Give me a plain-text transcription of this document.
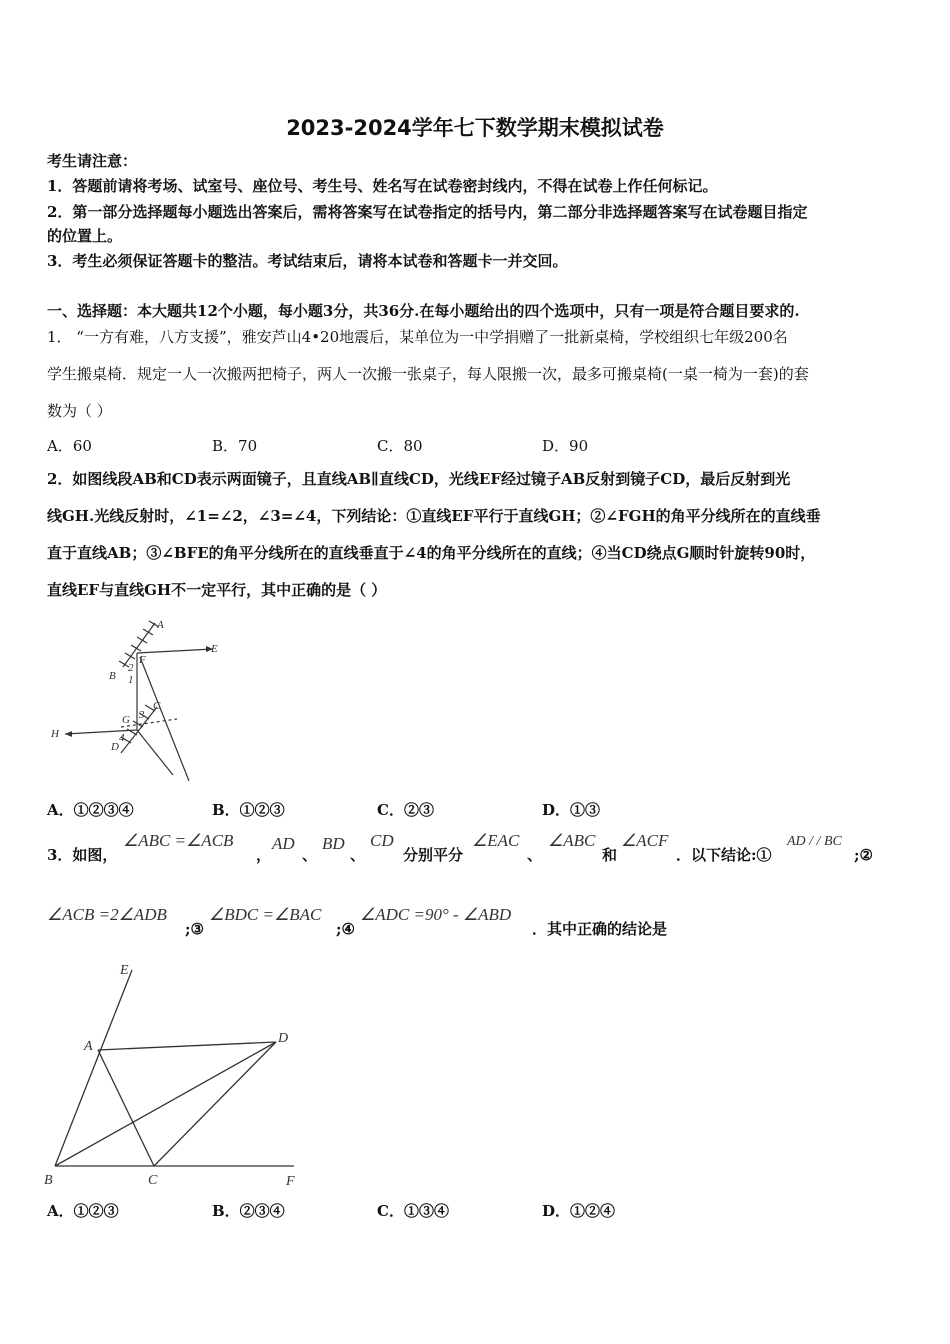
2023-2024学年七下数学期末模拟试卷
考生请注意：
1．答题前请将考场、试室号、座位号、考生号、姓名写在试卷密封线内，不得在试卷上作任何标记。
2．第一部分选择题每小题选出答案后，需将答案写在试卷指定的括号内，第二部分非选择题答案写在试卷题目指定
的位置上。
3．考生必须保证答题卡的整洁。考试结束后，请将本试卷和答题卡一并交回。
一、选择题：本大题共12个小题，每小题3分，共36分.在每小题给出的四个选项中，只有一项是符合题目要求的.
1． “一方有难，八方支援”，雅安芦山4•20地震后，某单位为一中学捐赠了一批新桌椅，学校组织七年级200名
学生搬桌椅．规定一人一次搬两把椅子，两人一次搬一张桌子，每人限搬一次，最多可搬桌椅(一桌一椅为一套)的套
数为（ ）
A．60	B．70	C．80	D．90
2．如图线段AB和CD表示两面镜子，且直线AB∥直线CD，光线EF经过镜子AB反射到镜子CD，最后反射到光
线GH.光线反射时，∠1=∠2，∠3=∠4，下列结论：①直线EF平行于直线GH；②∠FGH的角平分线所在的直线垂
直于直线AB；③∠BFE的角平分线所在的直线垂直于∠4的角平分线所在的直线；④当CD绕点G顺时针旋转90时，
直线EF与直线GH不一定平行，其中正确的是（ ）
A
E
F
B
2
1
C
G 3
4
H
D
A．①②③④	B．①②③	C．②③	D．①③
3．如图，
∠ABC =∠ACB
，
AD
、
BD
、
CD
分别平分
∠EAC
、
∠ABC
和
∠ACF
．以下结论:①
AD / / BC
;②
∠ACB =2∠ADB
;③
∠BDC =∠BAC
;④
∠ADC =90° - ∠ABD
．其中正确的结论是
E
A
D
B	C	F
A．①②③	B．②③④	C．①③④	D．①②④
